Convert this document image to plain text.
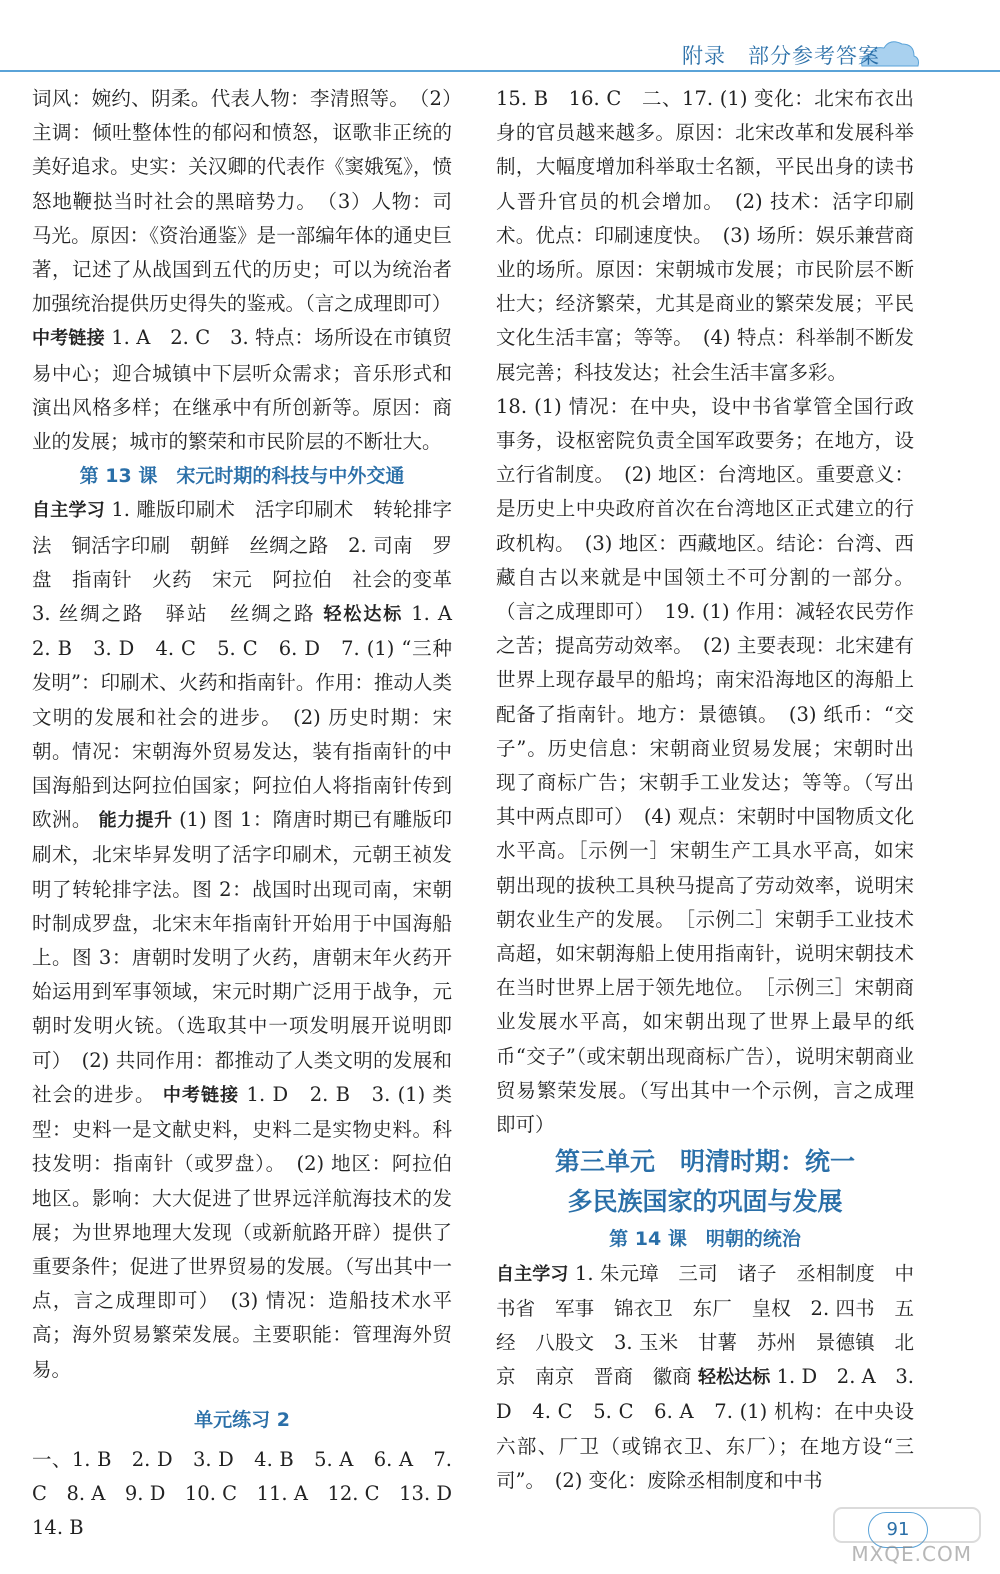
附录　部分参考答案

词风：婉约、阴柔。代表人物：李清照等。　（2）主调：倾吐整体性的郁闷和愤怒，讴歌非正统的美好追求。史实：关汉卿的代表作《窦娥冤》，愤怒地鞭挞当时社会的黑暗势力。　（3）人物：司马光。原因：《资治通鉴》是一部编年体的通史巨著，记述了从战国到五代的历史；可以为统治者加强统治提供历史得失的鉴戒。（言之成理即可）

中考链接 1. A　2. C　3. 特点：场所设在市镇贸易中心；迎合城镇中下层听众需求；音乐形式和演出风格多样；在继承中有所创新等。原因：商业的发展；城市的繁荣和市民阶层的不断壮大。

第 13 课　宋元时期的科技与中外交通

自主学习 1. 雕版印刷术　活字印刷术　转轮排字法　铜活字印刷　朝鲜　丝绸之路　2. 司南　罗盘　指南针　火药　宋元　阿拉伯　社会的变革　3. 丝绸之路　驿站　丝绸之路 轻松达标 1. A　2. B　3. D　4. C　5. C　6. D　7. (1) “三种发明”：印刷术、火药和指南针。作用：推动人类文明的发展和社会的进步。　(2) 历史时期：宋朝。情况：宋朝海外贸易发达，装有指南针的中国海船到达阿拉伯国家；阿拉伯人将指南针传到欧洲。 能力提升 (1) 图 1：隋唐时期已有雕版印刷术，北宋毕昇发明了活字印刷术，元朝王祯发明了转轮排字法。图 2：战国时出现司南，宋朝时制成罗盘，北宋末年指南针开始用于中国海船上。图 3：唐朝时发明了火药，唐朝末年火药开始运用到军事领域，宋元时期广泛用于战争，元朝时发明火铳。（选取其中一项发明展开说明即可）　(2) 共同作用：都推动了人类文明的发展和社会的进步。 中考链接 1. D　2. B　3. (1) 类型：史料一是文献史料，史料二是实物史料。科技发明：指南针（或罗盘）。　(2) 地区：阿拉伯地区。影响：大大促进了世界远洋航海技术的发展；为世界地理大发现（或新航路开辟）提供了重要条件；促进了世界贸易的发展。（写出其中一点，言之成理即可）　(3) 情况：造船技术水平高；海外贸易繁荣发展。主要职能：管理海外贸易。

单元练习 2

一、1. B　2. D　3. D　4. B　5. A　6. A　7. C　8. A　9. D　10. C　11. A　12. C　13. D　14. B

15. B　16. C　二、17. (1) 变化：北宋布衣出身的官员越来越多。原因：北宋改革和发展科举制，大幅度增加科举取士名额，平民出身的读书人晋升官员的机会增加。　(2) 技术：活字印刷术。优点：印刷速度快。　(3) 场所：娱乐兼营商业的场所。原因：宋朝城市发展；市民阶层不断壮大；经济繁荣，尤其是商业的繁荣发展；平民文化生活丰富；等等。　(4) 特点：科举制不断发展完善；科技发达；社会生活丰富多彩。

18. (1) 情况：在中央，设中书省掌管全国行政事务，设枢密院负责全国军政要务；在地方，设立行省制度。　(2) 地区：台湾地区。重要意义：是历史上中央政府首次在台湾地区正式建立的行政机构。　(3) 地区：西藏地区。结论：台湾、西藏自古以来就是中国领土不可分割的一部分。（言之成理即可）　19. (1) 作用：减轻农民劳作之苦；提高劳动效率。　(2) 主要表现：北宋建有世界上现存最早的船坞；南宋沿海地区的海船上配备了指南针。地方：景德镇。　(3) 纸币：“交子”。历史信息：宋朝商业贸易发展；宋朝时出现了商标广告；宋朝手工业发达；等等。（写出其中两点即可）　(4) 观点：宋朝时中国物质文化水平高。［示例一］宋朝生产工具水平高，如宋朝出现的拔秧工具秧马提高了劳动效率，说明宋朝农业生产的发展。　［示例二］宋朝手工业技术高超，如宋朝海船上使用指南针，说明宋朝技术在当时世界上居于领先地位。　［示例三］宋朝商业发展水平高，如宋朝出现了世界上最早的纸币“交子”（或宋朝出现商标广告），说明宋朝商业贸易繁荣发展。（写出其中一个示例，言之成理即可）

第三单元　明清时期：统一

多民族国家的巩固与发展

第 14 课　明朝的统治

自主学习 1. 朱元璋　三司　诸子　丞相制度　中书省　军事　锦衣卫　东厂　皇权　2. 四书　五经　八股文　3. 玉米　甘薯　苏州　景德镇　北京　南京　晋商　徽商 轻松达标 1. D　2. A　3. D　4. C　5. C　6. A　7. (1) 机构：在中央设六部、厂卫（或锦衣卫、东厂）；在地方设“三司”。　(2) 变化：废除丞相制度和中书

91
MXQE.COM
